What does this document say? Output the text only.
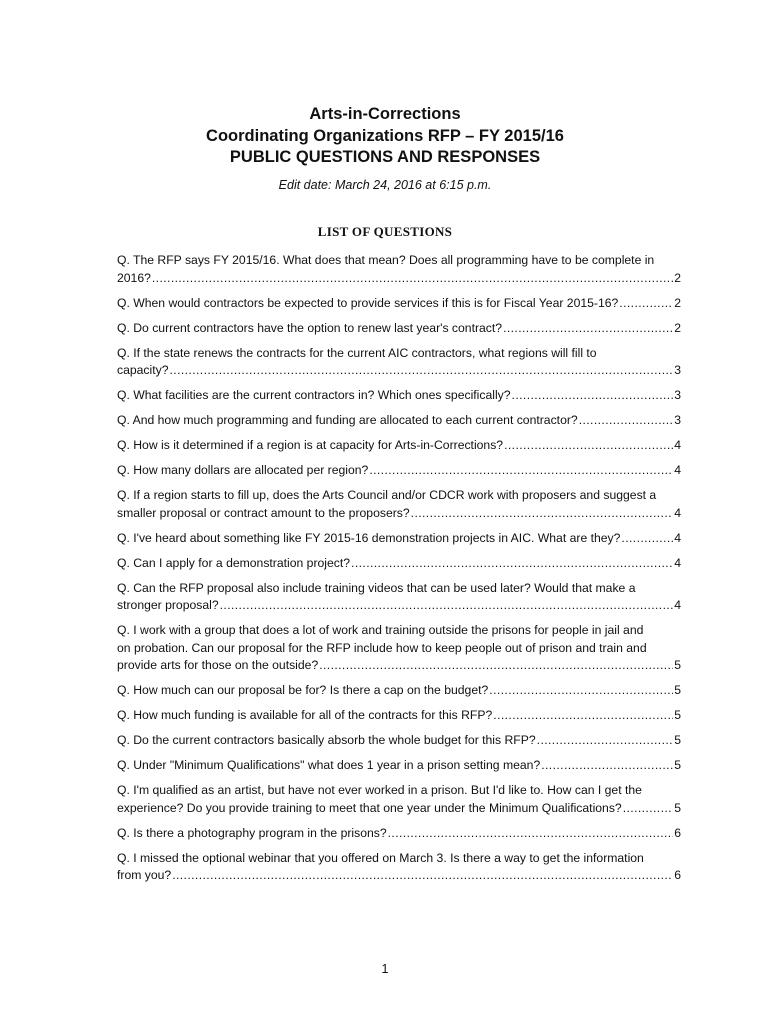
Arts-in-Corrections
Coordinating Organizations RFP – FY 2015/16
PUBLIC QUESTIONS AND RESPONSES
Edit date: March 24, 2016 at 6:15 p.m.
LIST OF QUESTIONS
Q. The RFP says FY 2015/16. What does that mean? Does all programming have to be complete in
2016? .....	2
Q. When would contractors be expected to provide services if this is for Fiscal Year 2015-16? .....	2
Q. Do current contractors have the option to renew last year's contract? .....	2
Q. If the state renews the contracts for the current AIC contractors, what regions will fill to
capacity? .....	3
Q. What facilities are the current contractors in? Which ones specifically? .....	3
Q. And how much programming and funding are allocated to each current contractor? .....	3
Q. How is it determined if a region is at capacity for Arts-in-Corrections? .....	4
Q. How many dollars are allocated per region? .....	4
Q. If a region starts to fill up, does the Arts Council and/or CDCR work with proposers and suggest a
smaller proposal or contract amount to the proposers? .....	4
Q. I've heard about something like FY 2015-16 demonstration projects in AIC. What are they? .....	4
Q. Can I apply for a demonstration project? .....	4
Q. Can the RFP proposal also include training videos that can be used later? Would that make a
stronger proposal? .....	4
Q. I work with a group that does a lot of work and training outside the prisons for people in jail and
on probation. Can our proposal for the RFP include how to keep people out of prison and train and
provide arts for those on the outside? .....	5
Q. How much can our proposal be for? Is there a cap on the budget? .....	5
Q. How much funding is available for all of the contracts for this RFP? .....	5
Q. Do the current contractors basically absorb the whole budget for this RFP? .....	5
Q. Under "Minimum Qualifications" what does 1 year in a prison setting mean? .....	5
Q. I'm qualified as an artist, but have not ever worked in a prison. But I'd like to. How can I get the
experience? Do you provide training to meet that one year under the Minimum Qualifications? .....	5
Q. Is there a photography program in the prisons? .....	6
Q. I missed the optional webinar that you offered on March 3. Is there a way to get the information
from you? .....	6
1
